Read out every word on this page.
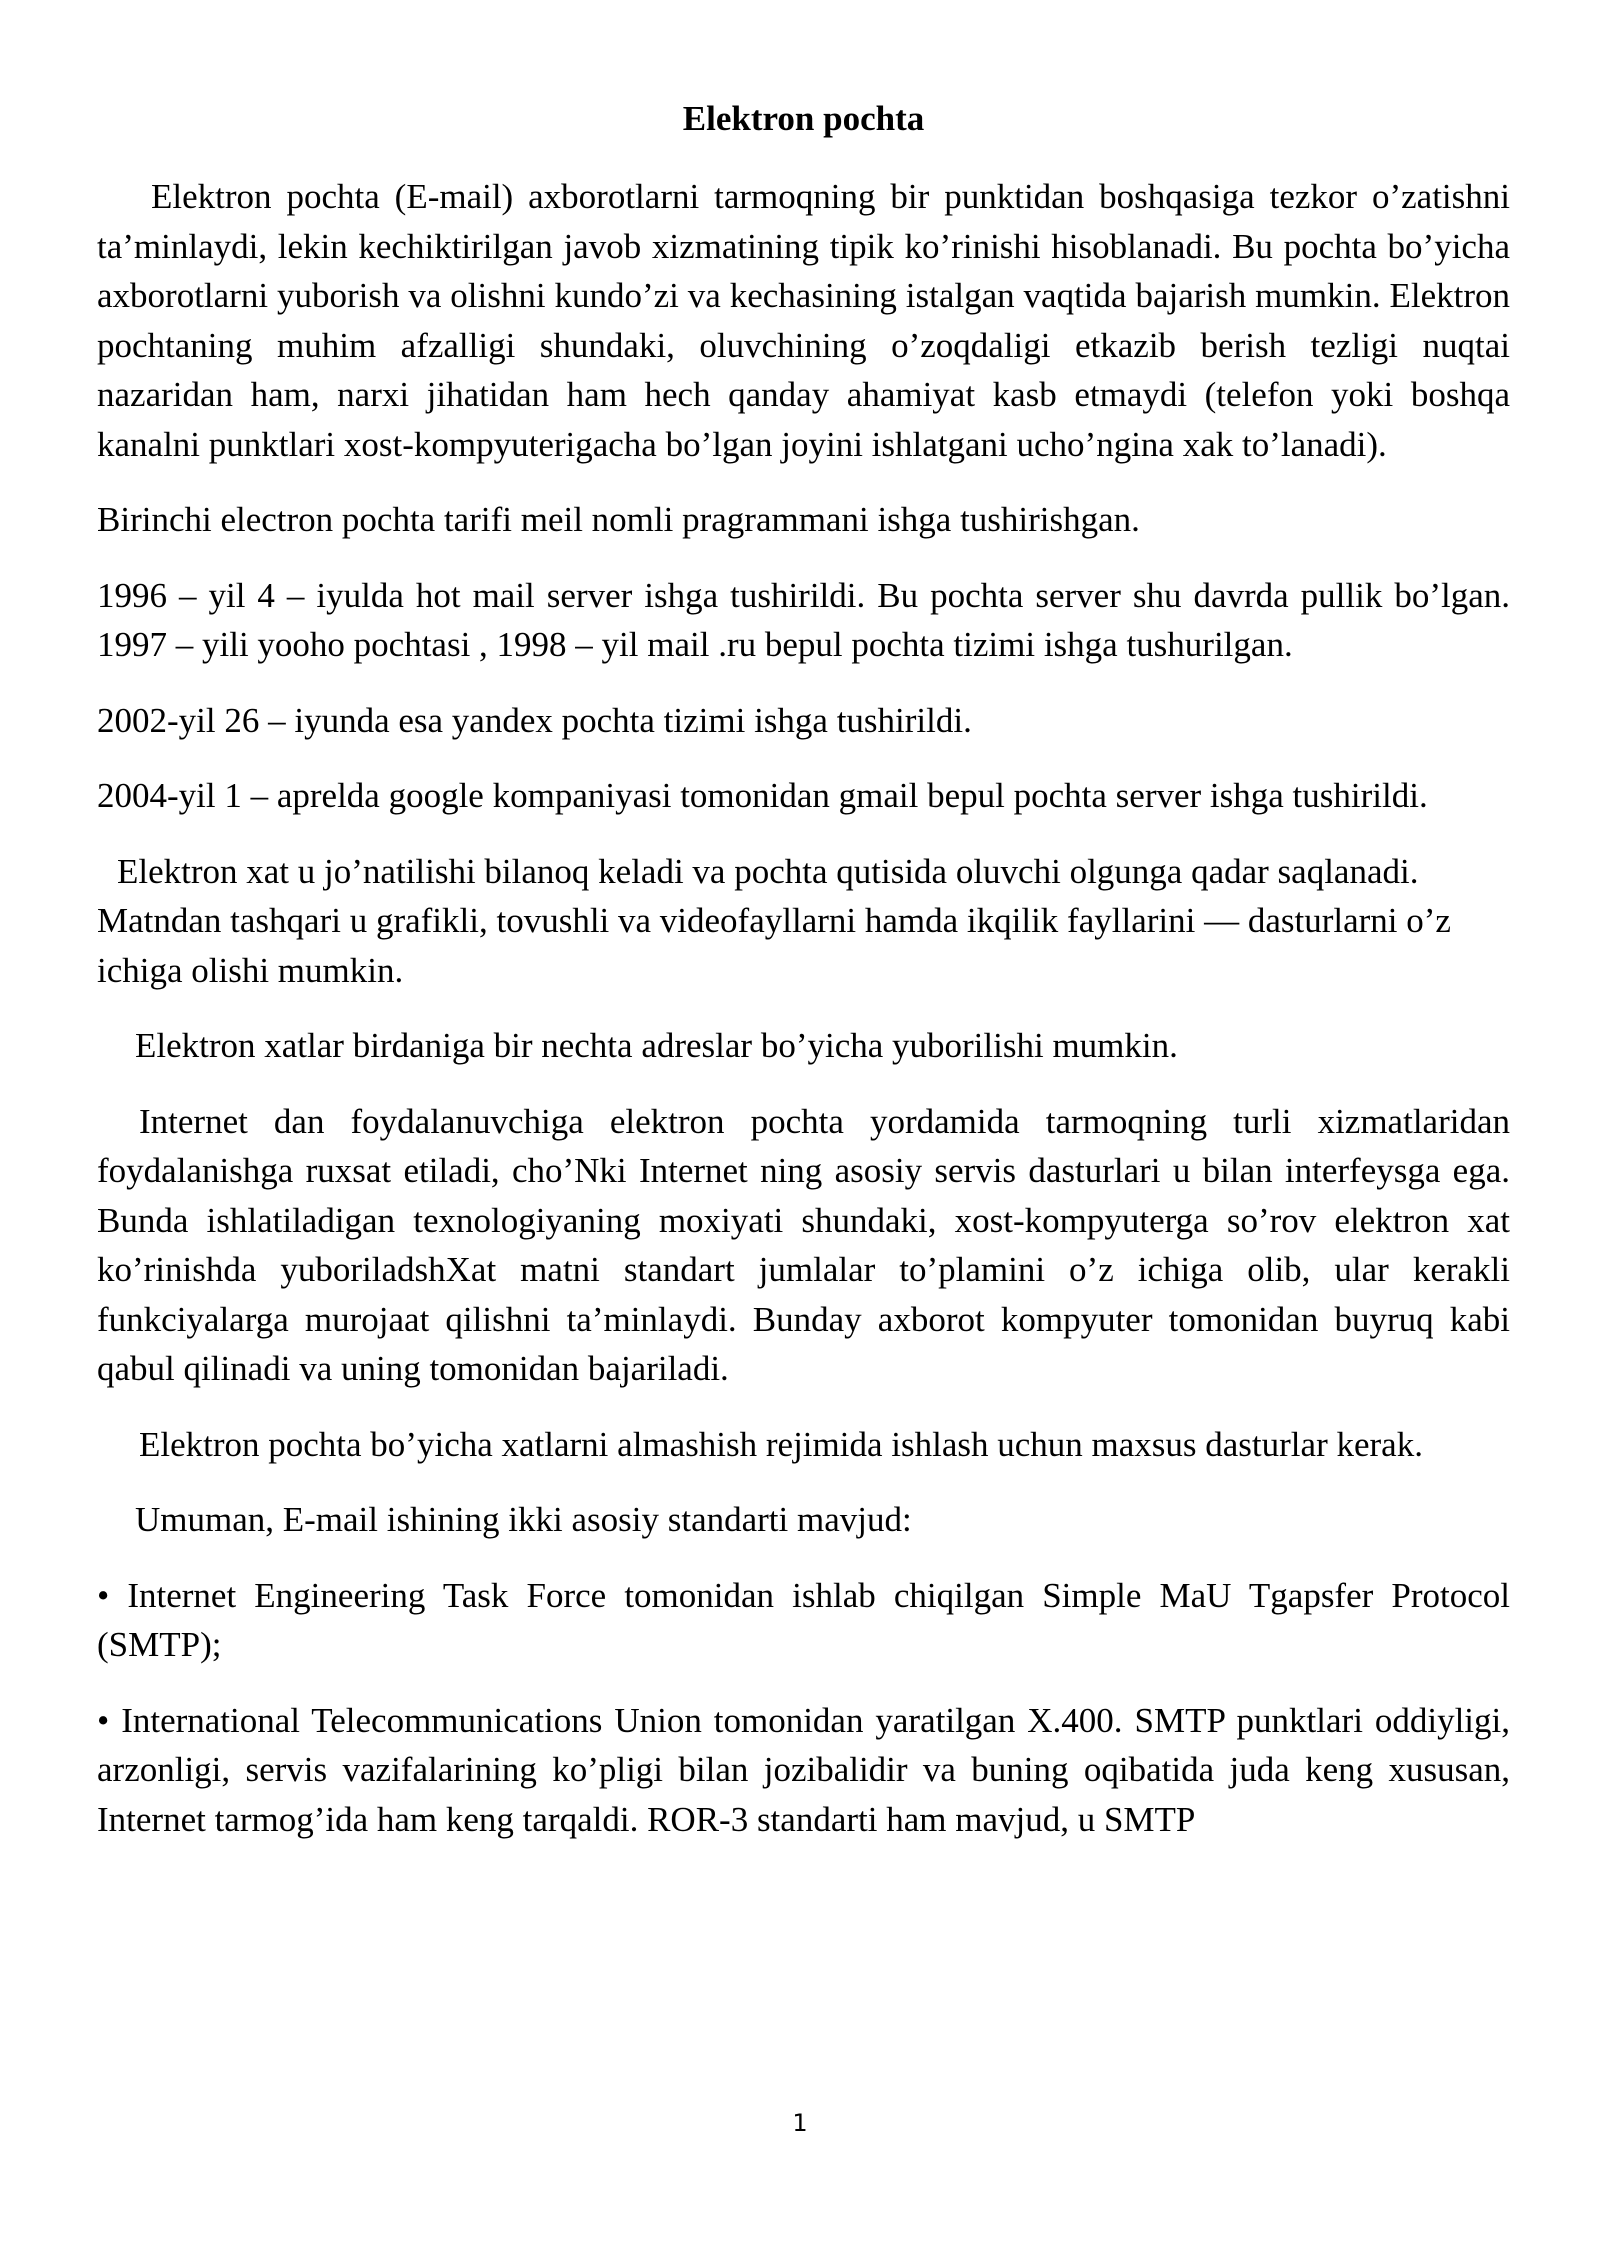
Elektron pochta

Elektron pochta (E-mail) axborotlarni tarmoqning bir punktidan boshqasiga tezkor o’zatishni ta’minlaydi, lekin kechiktirilgan javob xizmatining tipik ko’rinishi hisoblanadi. Bu pochta bo’yicha axborotlarni yuborish va olishni kundo’zi va kechasining istalgan vaqtida bajarish mumkin. Elektron pochtaning muhim afzalligi shundaki, oluvchining o’zoqdaligi etkazib berish tezligi nuqtai nazaridan ham, narxi jihatidan ham hech qanday ahamiyat kasb etmaydi (telefon yoki boshqa kanalni punktlari xost-kompyuterigacha bo’lgan joyini ishlatgani ucho’ngina xak to’lanadi).

Birinchi electron pochta tarifi meil nomli pragrammani ishga tushirishgan.

1996 – yil 4 – iyulda hot mail server ishga tushirildi. Bu pochta server shu davrda pullik bo’lgan. 1997 – yili yooho pochtasi , 1998 – yil mail .ru bepul pochta tizimi ishga tushurilgan.

2002-yil 26 – iyunda esa yandex pochta tizimi ishga tushirildi.

2004-yil 1 – aprelda google kompaniyasi tomonidan gmail bepul pochta server ishga tushirildi.

Elektron xat u jo’natilishi bilanoq keladi va pochta qutisida oluvchi olgunga qadar saqlanadi. Matndan tashqari u grafikli, tovushli va videofayllarni hamda ikqilik fayllarini — dasturlarni o’z ichiga olishi mumkin.

Elektron xatlar birdaniga bir nechta adreslar bo’yicha yuborilishi mumkin.

Internet dan foydalanuvchiga elektron pochta yordamida tarmoqning turli xizmatlaridan foydalanishga ruxsat etiladi, cho’Nki Internet ning asosiy servis dasturlari u bilan interfeysga ega. Bunda ishlatiladigan texnologiyaning moxiyati shundaki, xost-kompyuterga so’rov elektron xat ko’rinishda yuboriladshXat matni standart jumlalar to’plamini o’z ichiga olib, ular kerakli funkciyalarga murojaat qilishni ta’minlaydi. Bunday axborot kompyuter tomonidan buyruq kabi qabul qilinadi va uning tomonidan bajariladi.

Elektron pochta bo’yicha xatlarni almashish rejimida ishlash uchun maxsus dasturlar kerak.

Umuman, E-mail ishining ikki asosiy standarti mavjud:

• Internet Engineering Task Force tomonidan ishlab chiqilgan Simple MaU Tgapsfer Protocol (SMTP);

• International Telecommunications Union tomonidan yaratilgan X.400. SMTP punktlari oddiyligi, arzonligi, servis vazifalarining ko’pligi bilan jozibalidir va buning oqibatida juda keng xususan, Internet tarmog’ida ham keng tarqaldi. ROR-3 standarti ham mavjud, u SMTP

1
